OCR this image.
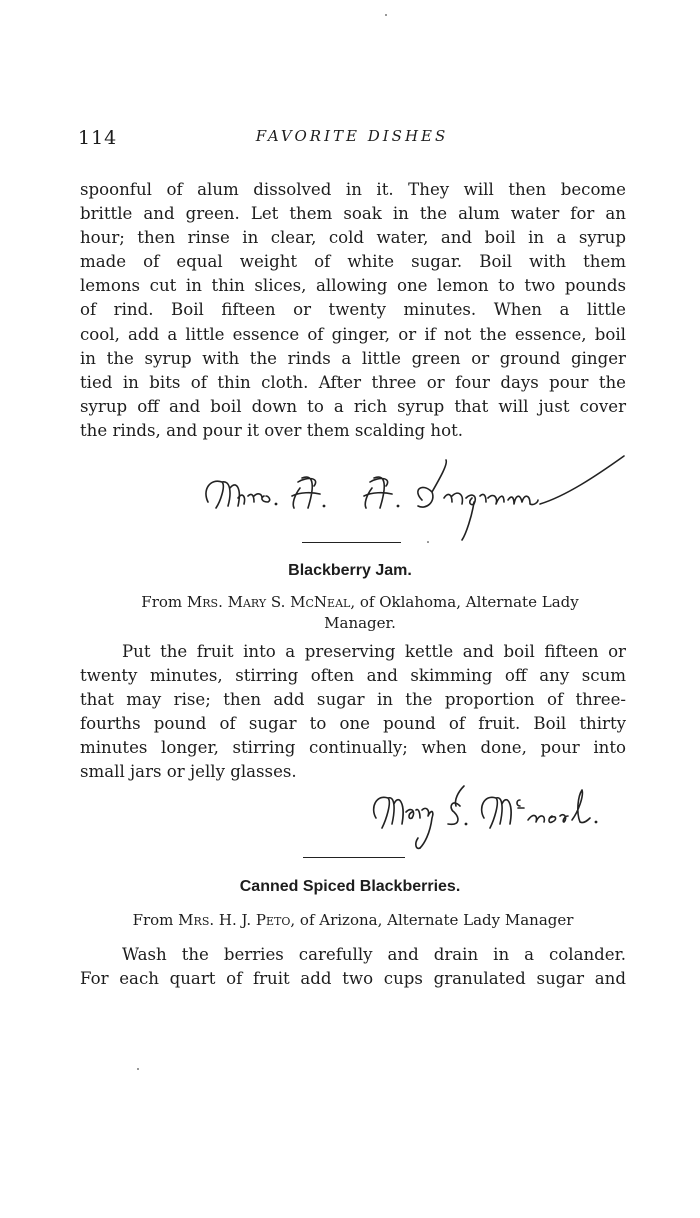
114	FAVORITE DISHES

spoonful of alum dissolved in it. They will then become
brittle and green. Let them soak in the alum water for an
hour; then rinse in clear, cold water, and boil in a syrup
made of equal weight of white sugar. Boil with them
lemons cut in thin slices, allowing one lemon to two pounds
of rind. Boil fifteen or twenty minutes. When a little
cool, add a little essence of ginger, or if not the essence, boil
in the syrup with the rinds a little green or ground ginger
tied in bits of thin cloth. After three or four days pour the
syrup off and boil down to a rich syrup that will just cover
the rinds, and pour it over them scalding hot.

Blackberry Jam.
From Mrs. Mary S. McNeal, of Oklahoma, Alternate Lady
Manager.

Put the fruit into a preserving kettle and boil fifteen or
twenty minutes, stirring often and skimming off any scum
that may rise; then add sugar in the proportion of three-
fourths pound of sugar to one pound of fruit. Boil thirty
minutes longer, stirring continually; when done, pour into
small jars or jelly glasses.

Canned Spiced Blackberries.
From Mrs. H. J. Peto, of Arizona, Alternate Lady Manager

Wash the berries carefully and drain in a colander.
For each quart of fruit add two cups granulated sugar and
